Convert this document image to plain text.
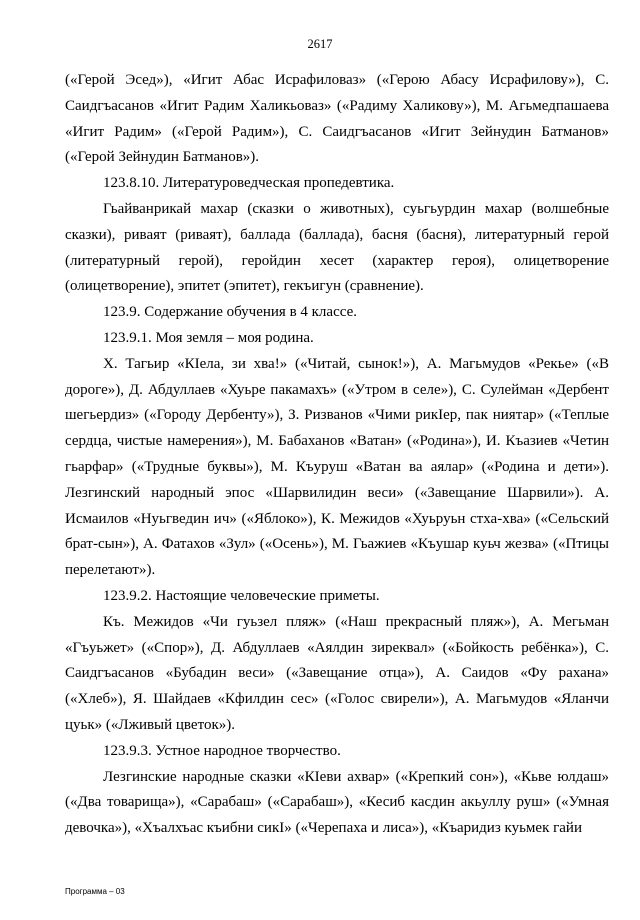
2617

(«Герой Эсед»), «Игит Абас Исрафиловаз» («Герою Абасу Исрафилову»), С. Саидгъасанов «Игит Радим Халикьоваз» («Радиму Халикову»), М. Агьмедпашаева «Игит Радим» («Герой Радим»), С. Саидгъасанов «Игит Зейнудин Батманов» («Герой Зейнудин Батманов»).

123.8.10. Литературоведческая пропедевтика.

Гьайванрикай махар (сказки о животных), суьгьурдин махар (волшебные сказки), риваят (риваят), баллада (баллада), басня (басня), литературный герой (литературный герой), геройдин хесет (характер героя), олицетворение (олицетворение), эпитет (эпитет), гекъигун (сравнение).

123.9. Содержание обучения в 4 классе.

123.9.1. Моя земля – моя родина.

Х. Тагьир «КIела, зи хва!» («Читай, сынок!»), А. Магьмудов «Рекье» («В дороге»), Д. Абдуллаев «Хуьре пакамахъ» («Утром в селе»), С. Сулейман «Дербент шегьердиз» («Городу Дербенту»), З. Ризванов «Чими рикIер, пак ниятар» («Теплые сердца, чистые намерения»), М. Бабаханов «Ватан» («Родина»), И. Къазиев «Четин гьарфар» («Трудные буквы»), М. Къуруш «Ватан ва аялар» («Родина и дети»). Лезгинский народный эпос «Шарвилидин веси» («Завещание Шарвили»). А. Исмаилов «Нуьгведин ич» («Яблоко»), К. Межидов «Хуьруьн стха-хва» («Сельский брат-сын»), А. Фатахов «Зул» («Осень»), М. Гьажиев «Къушар куьч жезва» («Птицы перелетают»).

123.9.2. Настоящие человеческие приметы.

Къ. Межидов «Чи гуьзел пляж» («Наш прекрасный пляж»), А. Мегьман «Гъуьжет» («Спор»), Д. Абдуллаев «Аялдин зиреквал» («Бойкость ребёнка»), С. Саидгъасанов «Бубадин веси» («Завещание отца»), А. Саидов «Фу рахана» («Хлеб»), Я. Шайдаев «Кфилдин сес» («Голос свирели»), А. Магьмудов «Яланчи цуьк» («Лживый цветок»).

123.9.3. Устное народное творчество.

Лезгинские народные сказки «КIеви ахвар» («Крепкий сон»), «Кьве юлдаш» («Два товарища»), «Сарабаш» («Сарабаш»), «Кесиб касдин акьуллу руш» («Умная девочка»), «Хъалхъас къибни сикI» («Черепаха и лиса»), «Къаридиз куьмек гайи

Программа – 03
